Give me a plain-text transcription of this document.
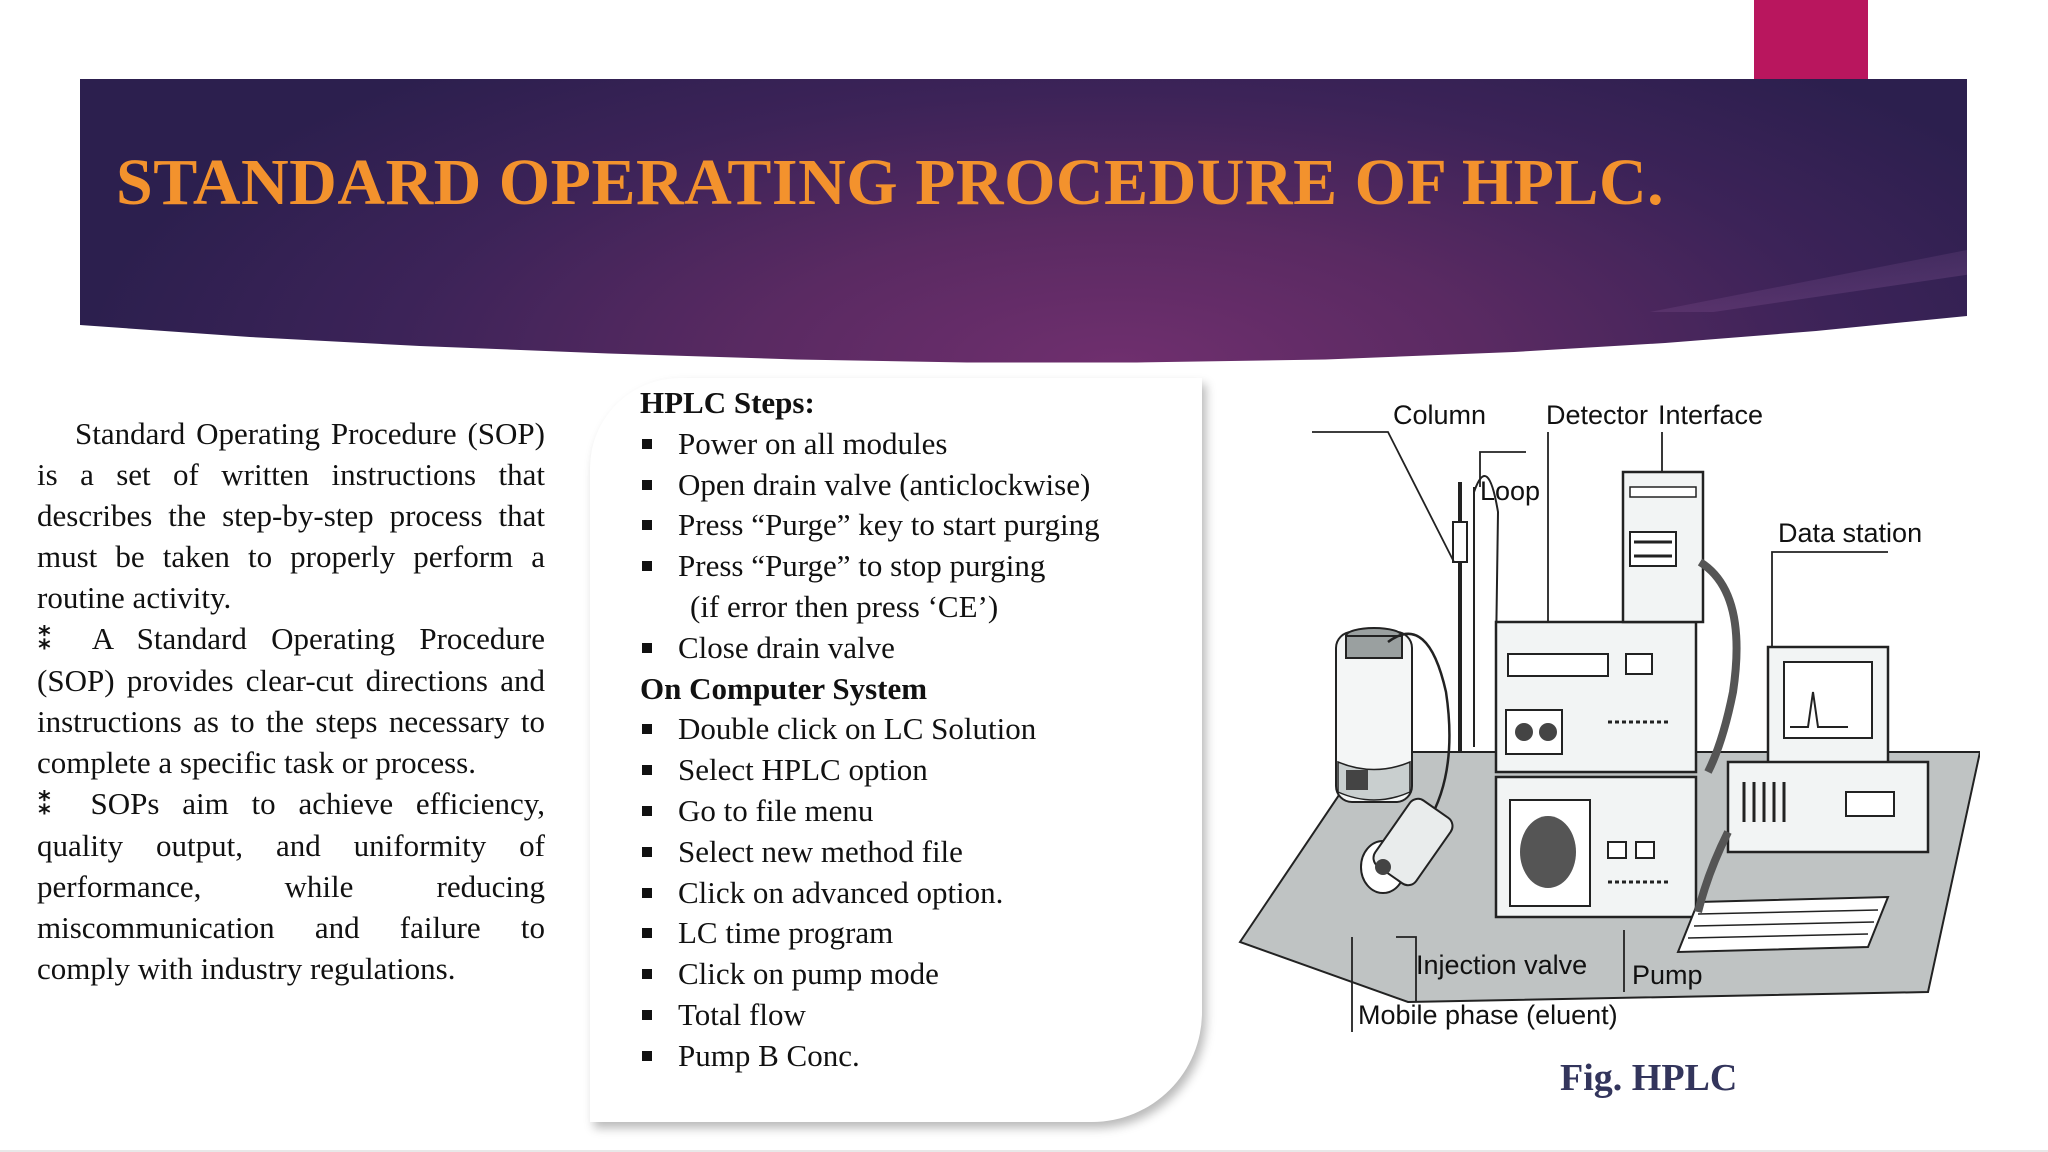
STANDARD OPERATING PROCEDURE OF HPLC.

Standard Operating Procedure (SOP) is a set of written instructions that describes the step-by-step process that must be taken to properly perform a routine activity.

⁑ A Standard Operating Procedure (SOP) provides clear-cut directions and instructions as to the steps necessary to complete a specific task or process.

⁑ SOPs aim to achieve efficiency, quality output, and uniformity of performance, while reducing miscommunication and failure to comply with industry regulations.

HPLC Steps:

Power on all modules
Open drain valve (anticlockwise)
Press “Purge” key to start purging
Press “Purge” to stop purging
(if error then press ‘CE’)
Close drain valve

On Computer System

Double click on LC Solution
Select HPLC option
Go to file menu
Select new method file
Click on advanced option.
LC time program
Click on pump mode
Total flow
Pump B Conc.
Column Detector Interface
Loop
Data station
Injection valve Pump
Mobile phase (eluent)
Fig. HPLC
